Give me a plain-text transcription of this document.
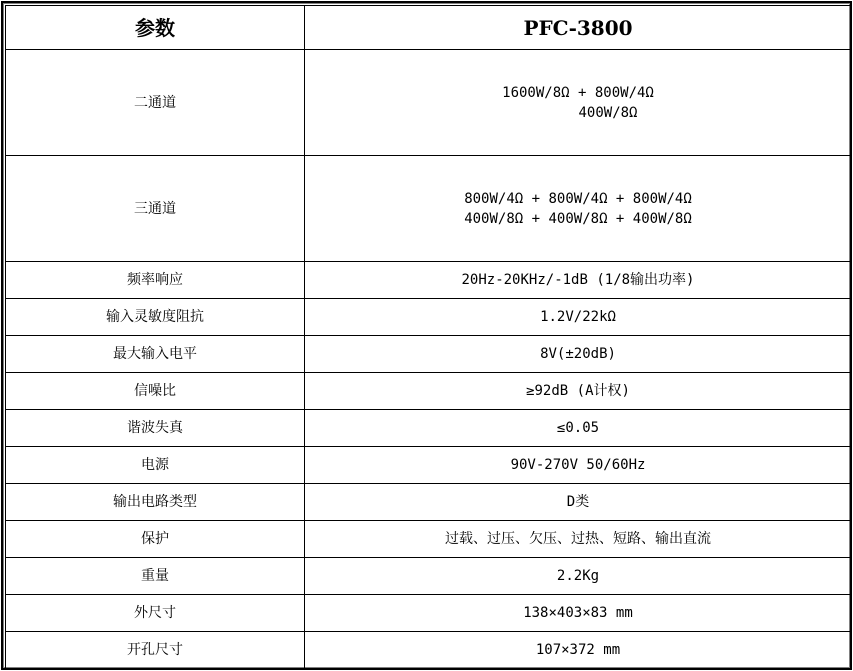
参数	PFC-3800
二通道	1600W/8Ω + 800W/4Ω
400W/8Ω

三通道	800W/4Ω + 800W/4Ω + 800W/4Ω
400W/8Ω + 400W/8Ω + 400W/8Ω

频率响应	20Hz-20KHz/-1dB (1/8输出功率)
输入灵敏度阻抗	1.2V/22kΩ
最大输入电平	8V(±20dB)
信噪比	≥92dB (A计权)
谐波失真	≤0.05
电源	90V-270V 50/60Hz
输出电路类型	D类
保护	过载、过压、欠压、过热、短路、输出直流
重量	2.2Kg
外尺寸	138×403×83 mm
开孔尺寸	107×372 mm
